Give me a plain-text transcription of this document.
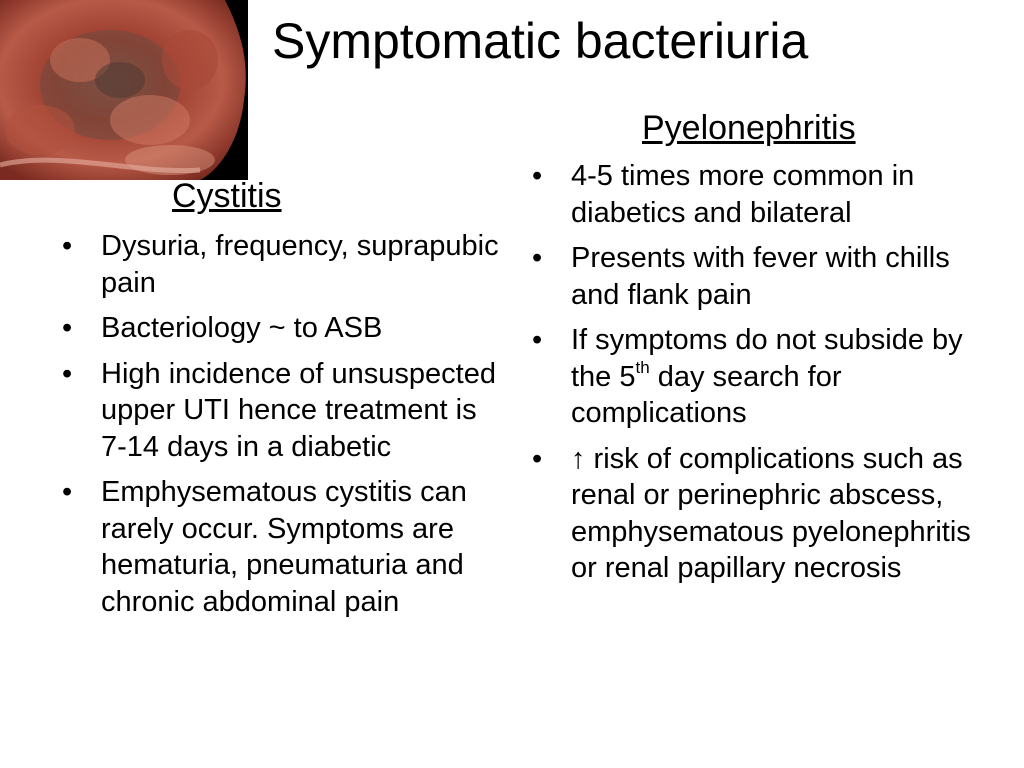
Symptomatic bacteriuria
Cystitis
• Dysuria, frequency, suprapubic pain
• Bacteriology ~ to ASB
• High incidence of unsuspected upper UTI hence treatment is 7-14 days in a diabetic
• Emphysematous cystitis can rarely occur. Symptoms are hematuria, pneumaturia and chronic abdominal pain
Pyelonephritis
• 4-5 times more common in diabetics and bilateral
• Presents with fever with chills and flank pain
• If symptoms do not subside by the 5th day search for complications
• ↑ risk of complications such as renal or perinephric abscess, emphysematous pyelonephritis or renal papillary necrosis
